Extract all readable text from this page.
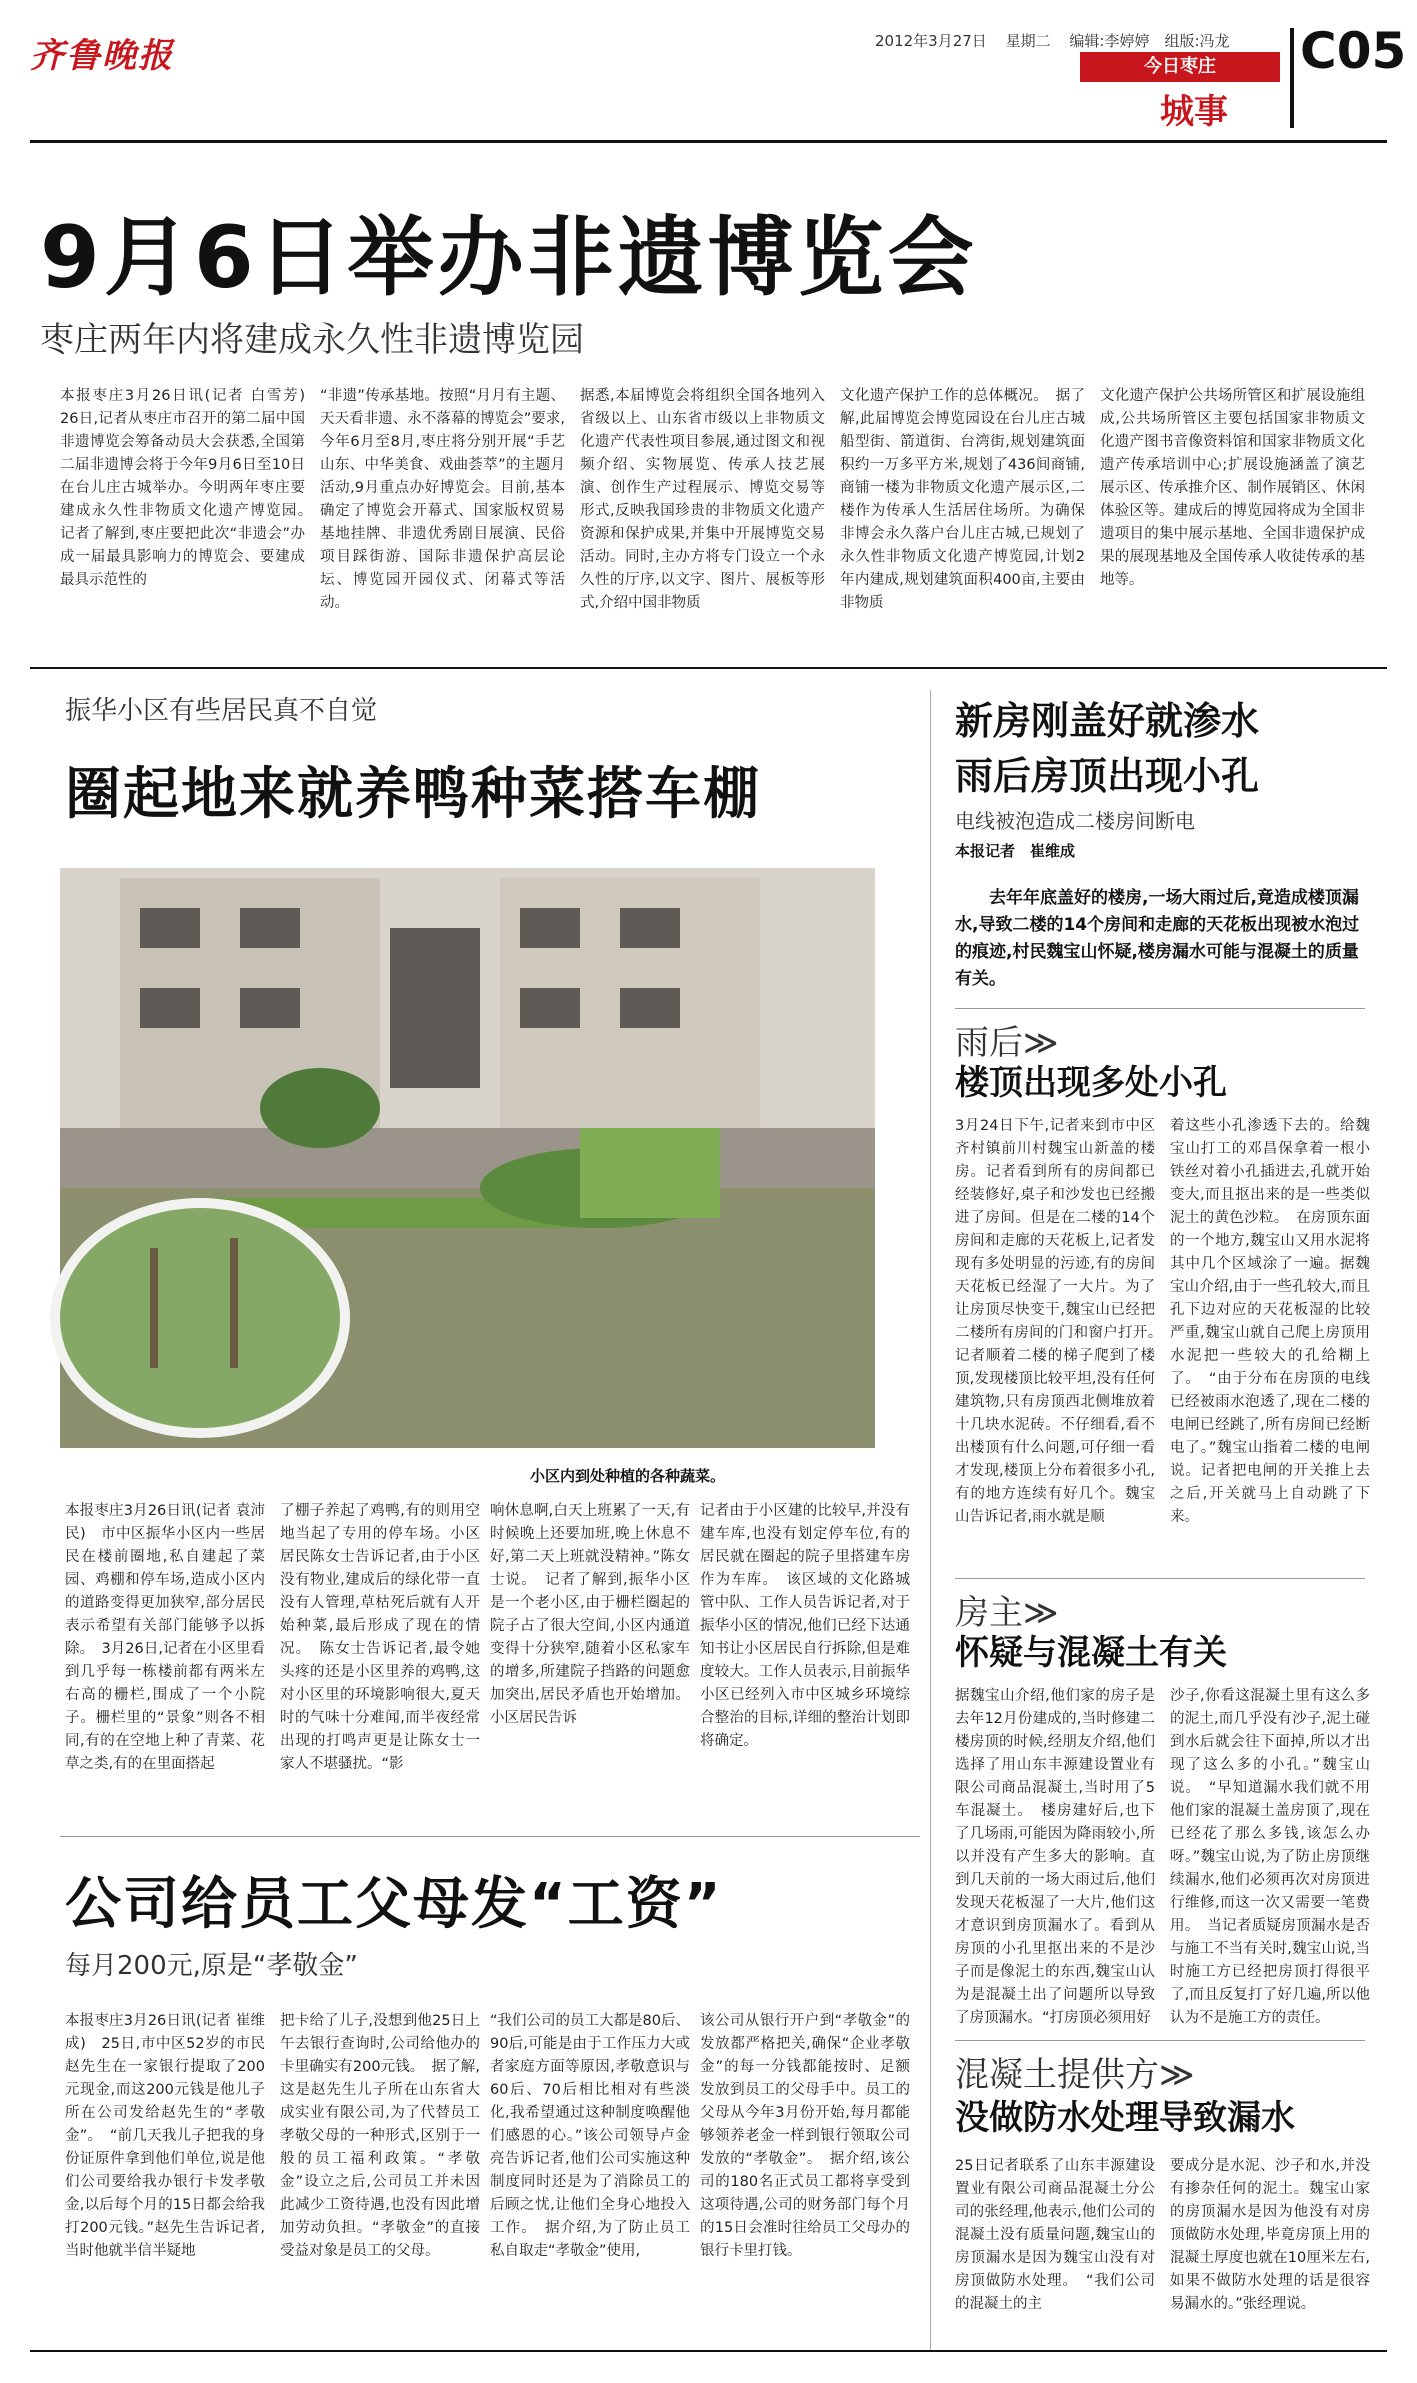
齐鲁晚报	2012年3月27日 星期二 编辑:李婷婷　组版:冯龙
今日枣庄
城事
C05
9月6日举办非遗博览会
枣庄两年内将建成永久性非遗博览园
本报枣庄3月26日讯(记者 白雪芳)　26日,记者从枣庄市召开的第二届中国非遗博览会筹备动员大会获悉,全国第二届非遗博会将于今年9月6日至10日在台儿庄古城举办。今明两年枣庄要建成永久性非物质文化遗产博览园。　记者了解到,枣庄要把此次“非遗会”办成一届最具影响力的博览会、要建成最具示范性的
“非遗”传承基地。按照“月月有主题、天天看非遗、永不落幕的博览会”要求,今年6月至8月,枣庄将分别开展“手艺山东、中华美食、戏曲荟萃”的主题月活动,9月重点办好博览会。目前,基本确定了博览会开幕式、国家版权贸易基地挂牌、非遗优秀剧目展演、民俗项目踩街游、国际非遗保护高层论坛、博览园开园仪式、闭幕式等活动。
据悉,本届博览会将组织全国各地列入省级以上、山东省市级以上非物质文化遗产代表性项目参展,通过图文和视频介绍、实物展览、传承人技艺展演、创作生产过程展示、博览交易等形式,反映我国珍贵的非物质文化遗产资源和保护成果,并集中开展博览交易活动。同时,主办方将专门设立一个永久性的厅序,以文字、图片、展板等形式,介绍中国非物质
文化遗产保护工作的总体概况。　据了解,此届博览会博览园设在台儿庄古城船型街、箭道街、台湾街,规划建筑面积约一万多平方米,规划了436间商铺,商铺一楼为非物质文化遗产展示区,二楼作为传承人生活居住场所。为确保非博会永久落户台儿庄古城,已规划了永久性非物质文化遗产博览园,计划2年内建成,规划建筑面积400亩,主要由非物质
文化遗产保护公共场所管区和扩展设施组成,公共场所管区主要包括国家非物质文化遗产图书音像资料馆和国家非物质文化遗产传承培训中心;扩展设施涵盖了演艺展示区、传承推介区、制作展销区、休闲体验区等。建成后的博览园将成为全国非遗项目的集中展示基地、全国非遗保护成果的展现基地及全国传承人收徒传承的基地等。
振华小区有些居民真不自觉
圈起地来就养鸭种菜搭车棚
小区内到处种植的各种蔬菜。
本报枣庄3月26日讯(记者 袁沛民)　市中区振华小区内一些居民在楼前圈地,私自建起了菜园、鸡棚和停车场,造成小区内的道路变得更加狭窄,部分居民表示希望有关部门能够予以拆除。　3月26日,记者在小区里看到几乎每一栋楼前都有两米左右高的栅栏,围成了一个小院子。栅栏里的“景象”则各不相同,有的在空地上种了青菜、花草之类,有的在里面搭起
了棚子养起了鸡鸭,有的则用空地当起了专用的停车场。小区居民陈女士告诉记者,由于小区没有物业,建成后的绿化带一直没有人管理,草枯死后就有人开始种菜,最后形成了现在的情况。　陈女士告诉记者,最令她头疼的还是小区里养的鸡鸭,这对小区里的环境影响很大,夏天时的气味十分难闻,而半夜经常出现的打鸣声更是让陈女士一家人不堪骚扰。“影
响休息啊,白天上班累了一天,有时候晚上还要加班,晚上休息不好,第二天上班就没精神。”陈女士说。　记者了解到,振华小区是一个老小区,由于栅栏圈起的院子占了很大空间,小区内通道变得十分狭窄,随着小区私家车的增多,所建院子挡路的问题愈加突出,居民矛盾也开始增加。小区居民告诉
记者由于小区建的比较早,并没有建车库,也没有划定停车位,有的居民就在圈起的院子里搭建车房作为车库。　该区域的文化路城管中队、工作人员告诉记者,对于振华小区的情况,他们已经下达通知书让小区居民自行拆除,但是难度较大。工作人员表示,目前振华小区已经列入市中区城乡环境综合整治的目标,详细的整治计划即将确定。
公司给员工父母发“工资”
每月200元,原是“孝敬金”
本报枣庄3月26日讯(记者 崔维成)　25日,市中区52岁的市民赵先生在一家银行提取了200元现金,而这200元钱是他儿子所在公司发给赵先生的“孝敬金”。　“前几天我儿子把我的身份证原件拿到他们单位,说是他们公司要给我办银行卡发孝敬金,以后每个月的15日都会给我打200元钱。”赵先生告诉记者,当时他就半信半疑地
把卡给了儿子,没想到他25日上午去银行查询时,公司给他办的卡里确实有200元钱。　据了解,这是赵先生儿子所在山东省大成实业有限公司,为了代替员工孝敬父母的一种形式,区别于一般的员工福利政策。“孝敬金”设立之后,公司员工并未因此减少工资待遇,也没有因此增加劳动负担。“孝敬金”的直接受益对象是员工的父母。
“我们公司的员工大都是80后、90后,可能是由于工作压力大或者家庭方面等原因,孝敬意识与60后、70后相比相对有些淡化,我希望通过这种制度唤醒他们感恩的心。”该公司领导卢金亮告诉记者,他们公司实施这种制度同时还是为了消除员工的后顾之忧,让他们全身心地投入工作。　据介绍,为了防止员工私自取走“孝敬金”使用,
该公司从银行开户到“孝敬金”的发放都严格把关,确保“企业孝敬金”的每一分钱都能按时、足额发放到员工的父母手中。员工的父母从今年3月份开始,每月都能够领养老金一样到银行领取公司发放的“孝敬金”。　据介绍,该公司的180名正式员工都将享受到这项待遇,公司的财务部门每个月的15日会准时往给员工父母办的银行卡里打钱。
新房刚盖好就渗水
雨后房顶出现小孔
电线被泡造成二楼房间断电
本报记者　崔维成
去年年底盖好的楼房,一场大雨过后,竟造成楼顶漏水,导致二楼的14个房间和走廊的天花板出现被水泡过的痕迹,村民魏宝山怀疑,楼房漏水可能与混凝土的质量有关。
雨后≫
楼顶出现多处小孔
3月24日下午,记者来到市中区齐村镇前川村魏宝山新盖的楼房。记者看到所有的房间都已经装修好,桌子和沙发也已经搬进了房间。但是在二楼的14个房间和走廊的天花板上,记者发现有多处明显的污迹,有的房间天花板已经湿了一大片。为了让房顶尽快变干,魏宝山已经把二楼所有房间的门和窗户打开。　记者顺着二楼的梯子爬到了楼顶,发现楼顶比较平坦,没有任何建筑物,只有房顶西北侧堆放着十几块水泥砖。不仔细看,看不出楼顶有什么问题,可仔细一看才发现,楼顶上分布着很多小孔,有的地方连续有好几个。魏宝山告诉记者,雨水就是顺
着这些小孔渗透下去的。给魏宝山打工的邓昌保拿着一根小铁丝对着小孔插进去,孔就开始变大,而且抠出来的是一些类似泥土的黄色沙粒。　在房顶东面的一个地方,魏宝山又用水泥将其中几个区域涂了一遍。据魏宝山介绍,由于一些孔较大,而且孔下边对应的天花板湿的比较严重,魏宝山就自己爬上房顶用水泥把一些较大的孔给糊上了。　“由于分布在房顶的电线已经被雨水泡透了,现在二楼的电闸已经跳了,所有房间已经断电了。”魏宝山指着二楼的电闸说。记者把电闸的开关推上去之后,开关就马上自动跳了下来。
房主≫
怀疑与混凝土有关
据魏宝山介绍,他们家的房子是去年12月份建成的,当时修建二楼房顶的时候,经朋友介绍,他们选择了用山东丰源建设置业有限公司商品混凝土,当时用了5车混凝土。　楼房建好后,也下了几场雨,可能因为降雨较小,所以并没有产生多大的影响。直到几天前的一场大雨过后,他们发现天花板湿了一大片,他们这才意识到房顶漏水了。看到从房顶的小孔里抠出来的不是沙子而是像泥土的东西,魏宝山认为是混凝土出了问题所以导致了房顶漏水。“打房顶必须用好
沙子,你看这混凝土里有这么多的泥土,而几乎没有沙子,泥土碰到水后就会往下面掉,所以才出现了这么多的小孔。”魏宝山说。　“早知道漏水我们就不用他们家的混凝土盖房顶了,现在已经花了那么多钱,该怎么办呀。”魏宝山说,为了防止房顶继续漏水,他们必须再次对房顶进行维修,而这一次又需要一笔费用。　当记者质疑房顶漏水是否与施工不当有关时,魏宝山说,当时施工方已经把房顶打得很平了,而且反复打了好几遍,所以他认为不是施工方的责任。
混凝土提供方≫
没做防水处理导致漏水
25日记者联系了山东丰源建设置业有限公司商品混凝土分公司的张经理,他表示,他们公司的混凝土没有质量问题,魏宝山的房顶漏水是因为魏宝山没有对房顶做防水处理。　“我们公司的混凝土的主
要成分是水泥、沙子和水,并没有掺杂任何的泥土。魏宝山家的房顶漏水是因为他没有对房顶做防水处理,毕竟房顶上用的混凝土厚度也就在10厘米左右,如果不做防水处理的话是很容易漏水的。”张经理说。
